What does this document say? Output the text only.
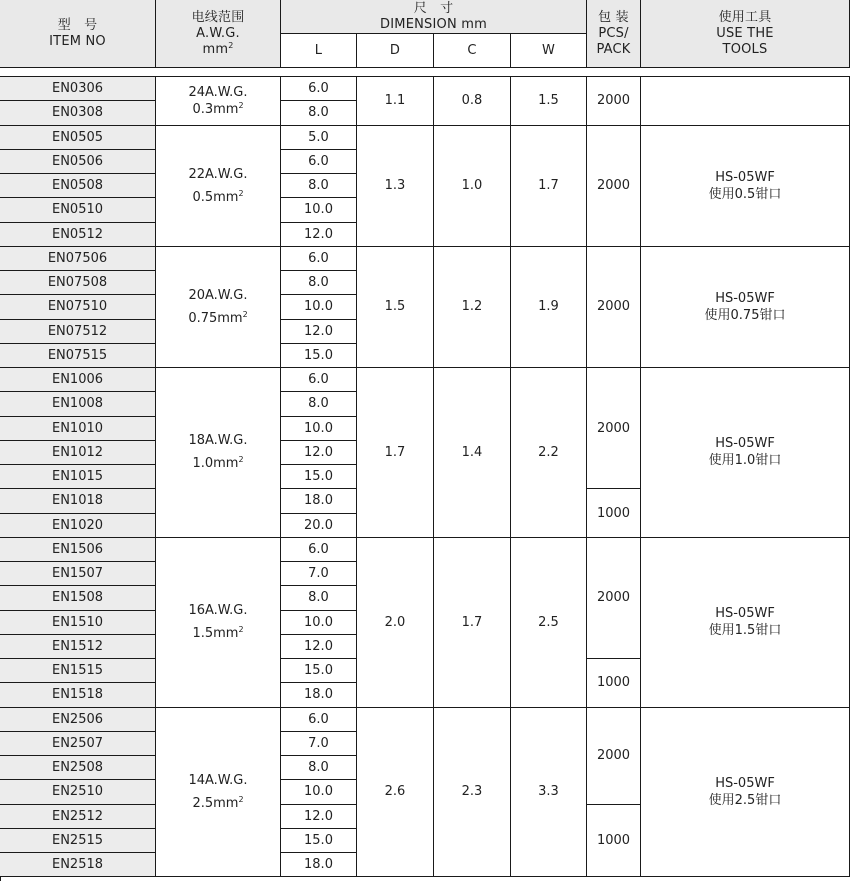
型　号
ITEM NO
电线范围
A.W.G.
$mm^2$
尺　寸
DIMENSION mm
L	D	C	W
包 装
PCS/
PACK
使用工具
USE THE
TOOLS
EN0306	6.0
EN0308	8.0
24A.W.G.
$0.3mm^2$	1.1	0.8	1.5	2000
EN0505	5.0
EN0506	6.0
EN0508	8.0
EN0510	10.0
EN0512	12.0
22A.W.G.
$0.5mm^2$	1.3	1.0	1.7	2000
HS-05WF
使用0.5钳口
EN07506	6.0
EN07508	8.0
EN07510	10.0
EN07512	12.0
EN07515	15.0
20A.W.G.
$0.75mm^2$	1.5	1.2	1.9	2000
HS-05WF
使用0.75钳口
EN1006	6.0
EN1008	8.0
EN1010	10.0
EN1012	12.0
EN1015	15.0
EN1018	18.0
EN1020	20.0
18A.W.G.
$1.0mm^2$	1.7	1.4	2.2
2000
1000
HS-05WF
使用1.0钳口
EN1506	6.0
EN1507	7.0
EN1508	8.0
EN1510	10.0
EN1512	12.0
EN1515	15.0
EN1518	18.0
16A.W.G.
$1.5mm^2$	2.0	1.7	2.5
2000
1000
HS-05WF
使用1.5钳口
EN2506	6.0
EN2507	7.0
EN2508	8.0
EN2510	10.0
EN2512	12.0
EN2515	15.0
EN2518	18.0
14A.W.G.
$2.5mm^2$	2.6	2.3	3.3
2000
1000
HS-05WF
使用2.5钳口
